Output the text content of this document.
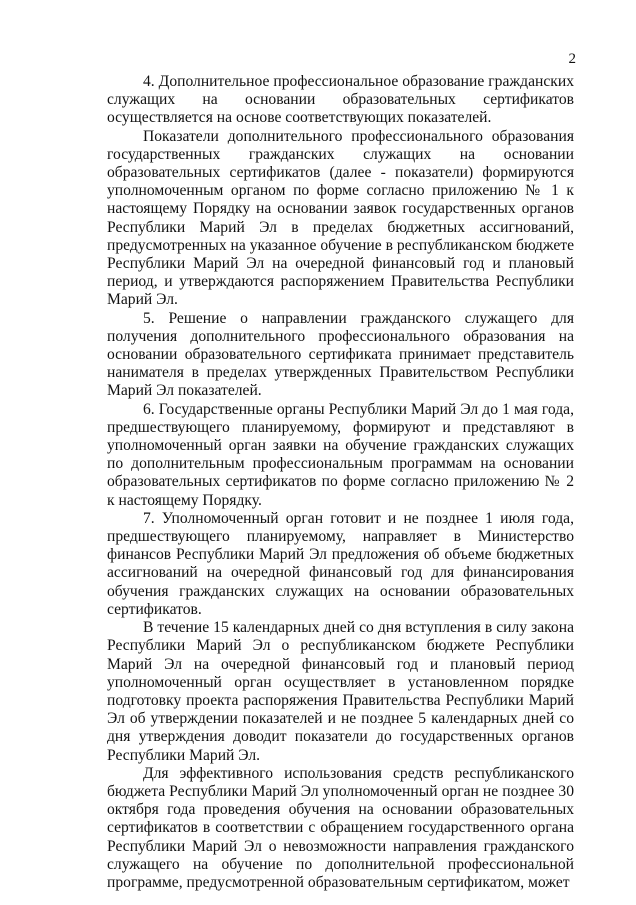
2

4. Дополнительное профессиональное образование гражданских служащих на основании образовательных сертификатов осуществляется на основе соответствующих показателей.

Показатели дополнительного профессионального образования государственных гражданских служащих на основании образовательных сертификатов (далее - показатели) формируются уполномоченным органом по форме согласно приложению № 1 к настоящему Порядку на основании заявок государственных органов Республики Марий Эл в пределах бюджетных ассигнований, предусмотренных на указанное обучение в республиканском бюджете Республики Марий Эл на очередной финансовый год и плановый период, и утверждаются распоряжением Правительства Республики Марий Эл.

5. Решение о направлении гражданского служащего для получения дополнительного профессионального образования на основании образовательного сертификата принимает представитель нанимателя в пределах утвержденных Правительством Республики Марий Эл показателей.

6. Государственные органы Республики Марий Эл до 1 мая года, предшествующего планируемому, формируют и представляют в уполномоченный орган заявки на обучение гражданских служащих по дополнительным профессиональным программам на основании образовательных сертификатов по форме согласно приложению № 2 к настоящему Порядку.

7. Уполномоченный орган готовит и не позднее 1 июля года, предшествующего планируемому, направляет в Министерство финансов Республики Марий Эл предложения об объеме бюджетных ассигнований на очередной финансовый год для финансирования обучения гражданских служащих на основании образовательных сертификатов.

В течение 15 календарных дней со дня вступления в силу закона Республики Марий Эл о республиканском бюджете Республики Марий Эл на очередной финансовый год и плановый период уполномоченный орган осуществляет в установленном порядке подготовку проекта распоряжения Правительства Республики Марий Эл об утверждении показателей и не позднее 5 календарных дней со дня утверждения доводит показатели до государственных органов Республики Марий Эл.

Для эффективного использования средств республиканского бюджета Республики Марий Эл уполномоченный орган не позднее 30 октября года проведения обучения на основании образовательных сертификатов в соответствии с обращением государственного органа Республики Марий Эл о невозможности направления гражданского служащего на обучение по дополнительной профессиональной программе, предусмотренной образовательным сертификатом, может
